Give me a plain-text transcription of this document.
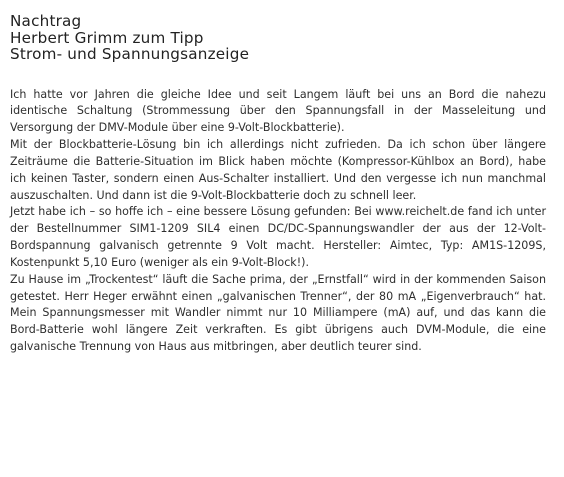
Nachtrag
Herbert Grimm zum Tipp
Strom- und Spannungsanzeige

Ich hatte vor Jahren die gleiche Idee und seit Langem läuft bei uns an Bord die nahezu identische Schaltung (Strommessung über den Spannungsfall in der Masseleitung und Versorgung der DMV-Module über eine 9-Volt-Blockbatterie).

Mit der Blockbatterie-Lösung bin ich allerdings nicht zufrieden. Da ich schon über längere Zeiträume die Batterie-Situation im Blick haben möchte (Kompressor-Kühlbox an Bord), habe ich keinen Taster, sondern einen Aus-Schalter installiert. Und den vergesse ich nun manchmal auszuschalten. Und dann ist die 9-Volt-Blockbatterie doch zu schnell leer.

Jetzt habe ich – so hoffe ich – eine bessere Lösung gefunden: Bei www.reichelt.de fand ich unter der Bestellnummer SIM1-1209 SIL4 einen DC/DC-Spannungswandler der aus der 12-Volt-Bordspannung galvanisch getrennte 9 Volt macht. Hersteller: Aimtec, Typ: AM1S-1209S, Kostenpunkt 5,10 Euro (weniger als ein 9-Volt-Block!).

Zu Hause im „Trockentest“ läuft die Sache prima, der „Ernstfall“ wird in der kommenden Saison getestet. Herr Heger erwähnt einen „galvanischen Trenner“, der 80 mA „Eigenverbrauch“ hat. Mein Spannungsmesser mit Wandler nimmt nur 10 Milliampere (mA) auf, und das kann die Bord-Batterie wohl längere Zeit verkraften. Es gibt übrigens auch DVM-Module, die eine galvanische Trennung von Haus aus mitbringen, aber deutlich teurer sind.
